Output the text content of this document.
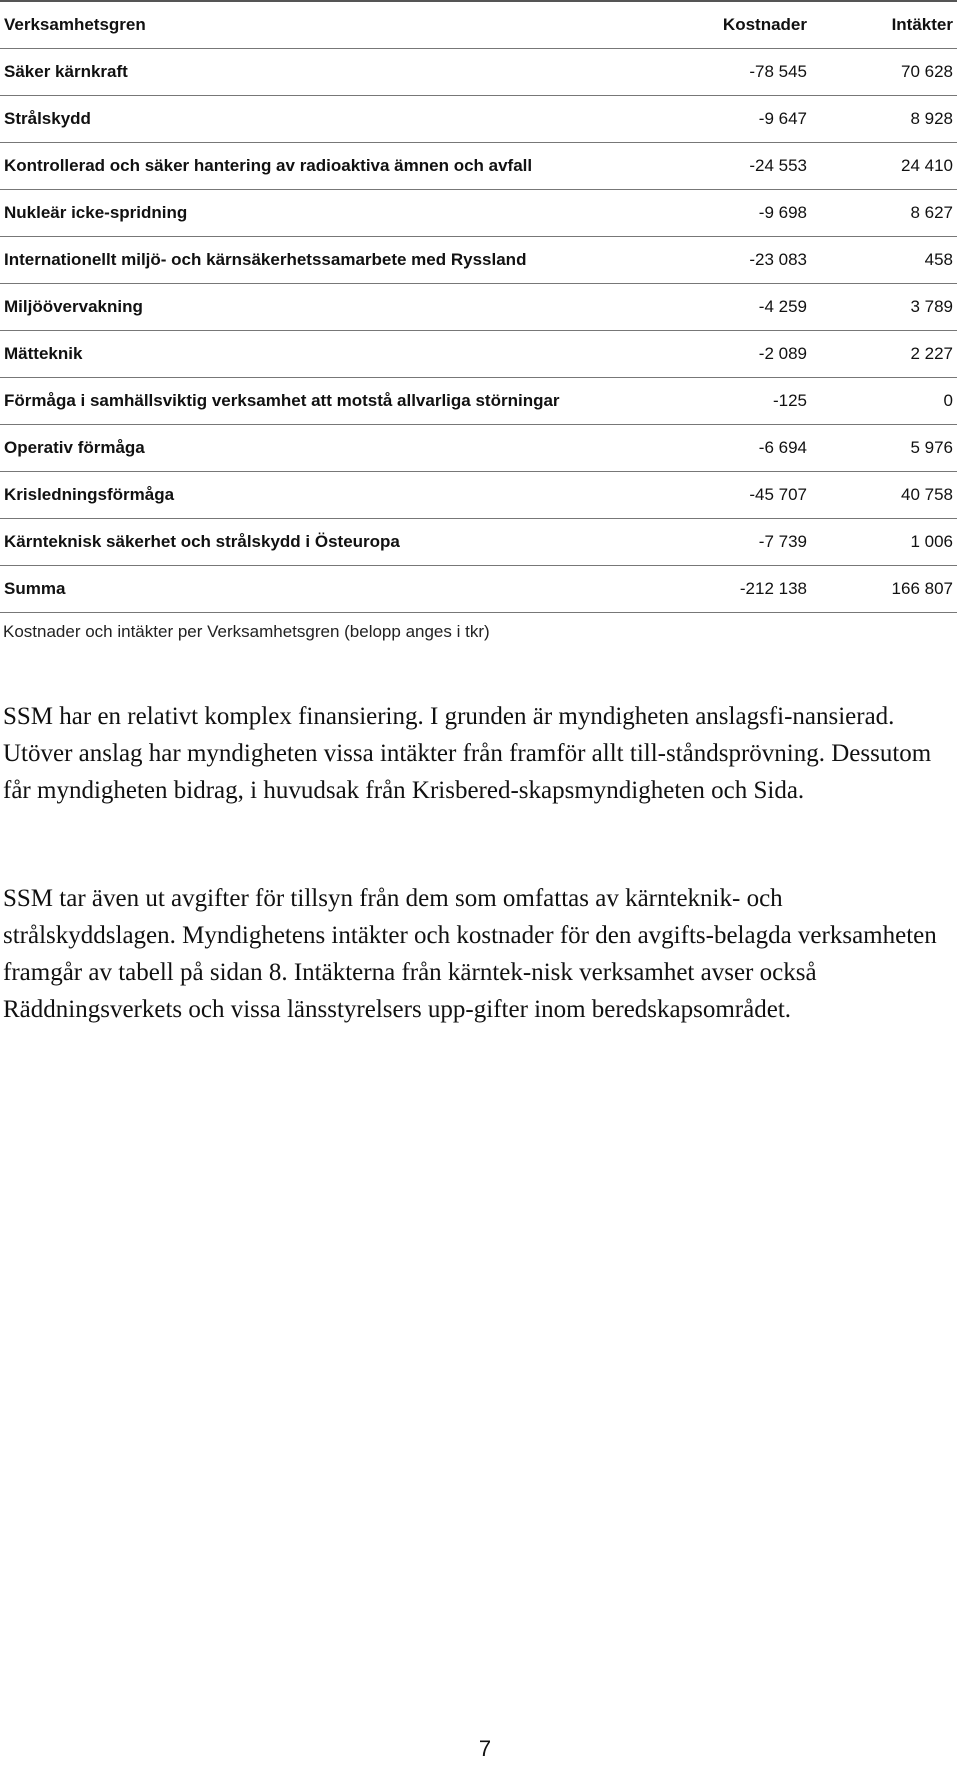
Verksamhetsgren	Kostnader	Intäkter
Säker kärnkraft	-78 545	70 628
Strålskydd	-9 647	8 928
Kontrollerad och säker hantering av radioaktiva ämnen och avfall	-24 553	24 410
Nukleär icke-spridning	-9 698	8 627
Internationellt miljö- och kärnsäkerhetssamarbete med Ryssland	-23 083	458
Miljöövervakning	-4 259	3 789
Mätteknik	-2 089	2 227
Förmåga i samhällsviktig verksamhet att motstå allvarliga störningar	-125	0
Operativ förmåga	-6 694	5 976
Krisledningsförmåga	-45 707	40 758
Kärnteknisk säkerhet och strålskydd i Östeuropa	-7 739	1 006
Summa	-212 138	166 807
Kostnader och intäkter per Verksamhetsgren (belopp anges i tkr)

SSM har en relativt komplex finansiering. I grunden är myndigheten anslagsfi-nansierad. Utöver anslag har myndigheten vissa intäkter från framför allt till-ståndsprövning. Dessutom får myndigheten bidrag, i huvudsak från Krisbered-skapsmyndigheten och Sida.

SSM tar även ut avgifter för tillsyn från dem som omfattas av kärnteknik- och strålskyddslagen. Myndighetens intäkter och kostnader för den avgifts-belagda verksamheten framgår av tabell på sidan 8. Intäkterna från kärntek-nisk verksamhet avser också Räddningsverkets och vissa länsstyrelsers upp-gifter inom beredskapsområdet.

7
